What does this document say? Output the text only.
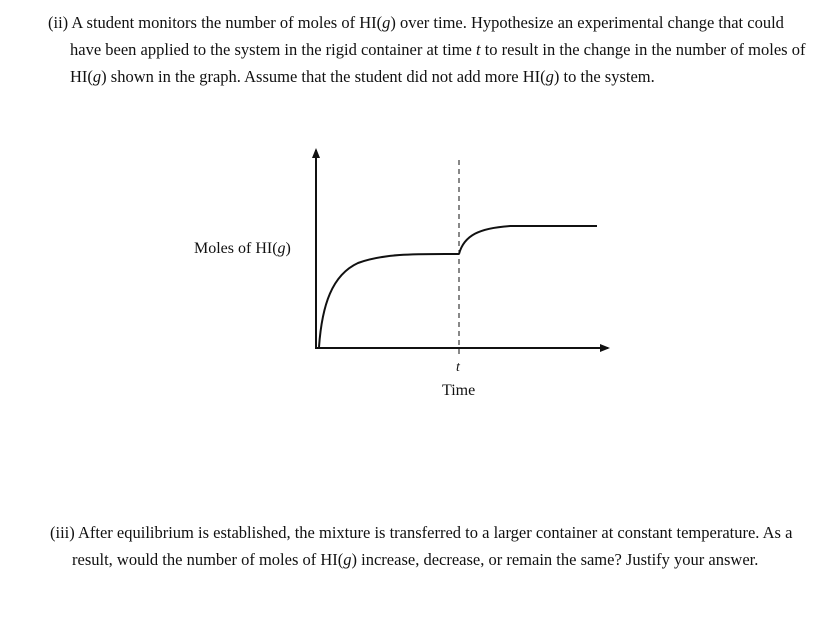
(ii) A student monitors the number of moles of HI(g) over time. Hypothesize an experimental change that could have been applied to the system in the rigid container at time t to result in the change in the number of moles of HI(g) shown in the graph. Assume that the student did not add more HI(g) to the system.

Moles of HI(g)
t
Time

(iii) After equilibrium is established, the mixture is transferred to a larger container at constant temperature. As a result, would the number of moles of HI(g) increase, decrease, or remain the same? Justify your answer.
